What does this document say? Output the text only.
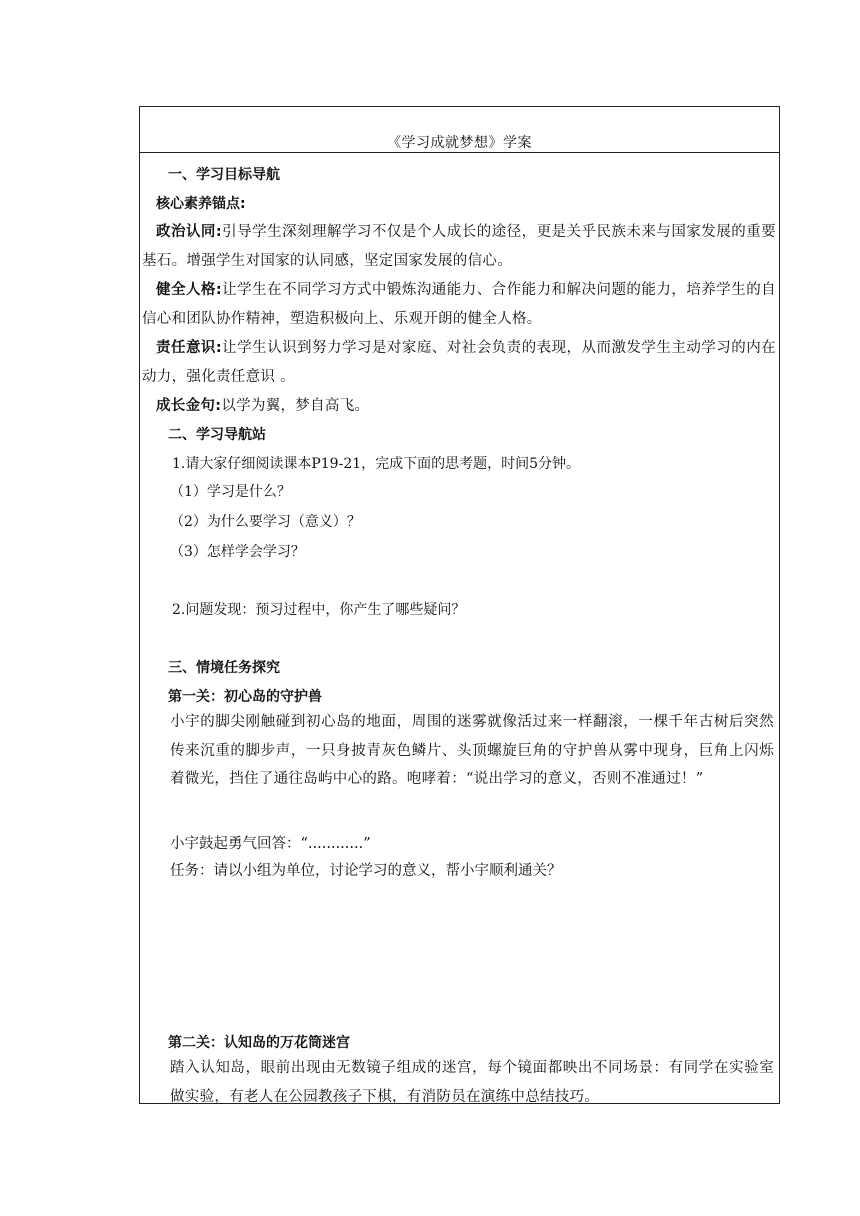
《学习成就梦想》学案
一、学习目标导航
核心素养锚点:
政治认同:引导学生深刻理解学习不仅是个人成长的途径，更是关乎民族未来与国家发展的重要基石。增强学生对国家的认同感，坚定国家发展的信心。
健全人格:让学生在不同学习方式中锻炼沟通能力、合作能力和解决问题的能力，培养学生的自信心和团队协作精神，塑造积极向上、乐观开朗的健全人格。
责任意识:让学生认识到努力学习是对家庭、对社会负责的表现，从而激发学生主动学习的内在动力，强化责任意识 。
成长金句:以学为翼，梦自高飞。
二、学习导航站
1.请大家仔细阅读课本P19-21，完成下面的思考题，时间5分钟。
（1）学习是什么？
（2）为什么要学习（意义）？
（3）怎样学会学习？
2.问题发现：预习过程中，你产生了哪些疑问？
三、情境任务探究
第一关：初心岛的守护兽
小宇的脚尖刚触碰到初心岛的地面，周围的迷雾就像活过来一样翻滚，一棵千年古树后突然传来沉重的脚步声，一只身披青灰色鳞片、头顶螺旋巨角的守护兽从雾中现身，巨角上闪烁着微光，挡住了通往岛屿中心的路。咆哮着：“说出学习的意义，否则不准通过！”
小宇鼓起勇气回答：“............”
任务：请以小组为单位，讨论学习的意义，帮小宇顺利通关？
第二关：认知岛的万花筒迷宫
踏入认知岛，眼前出现由无数镜子组成的迷宫，每个镜面都映出不同场景：有同学在实验室做实验，有老人在公园教孩子下棋，有消防员在演练中总结技巧。
